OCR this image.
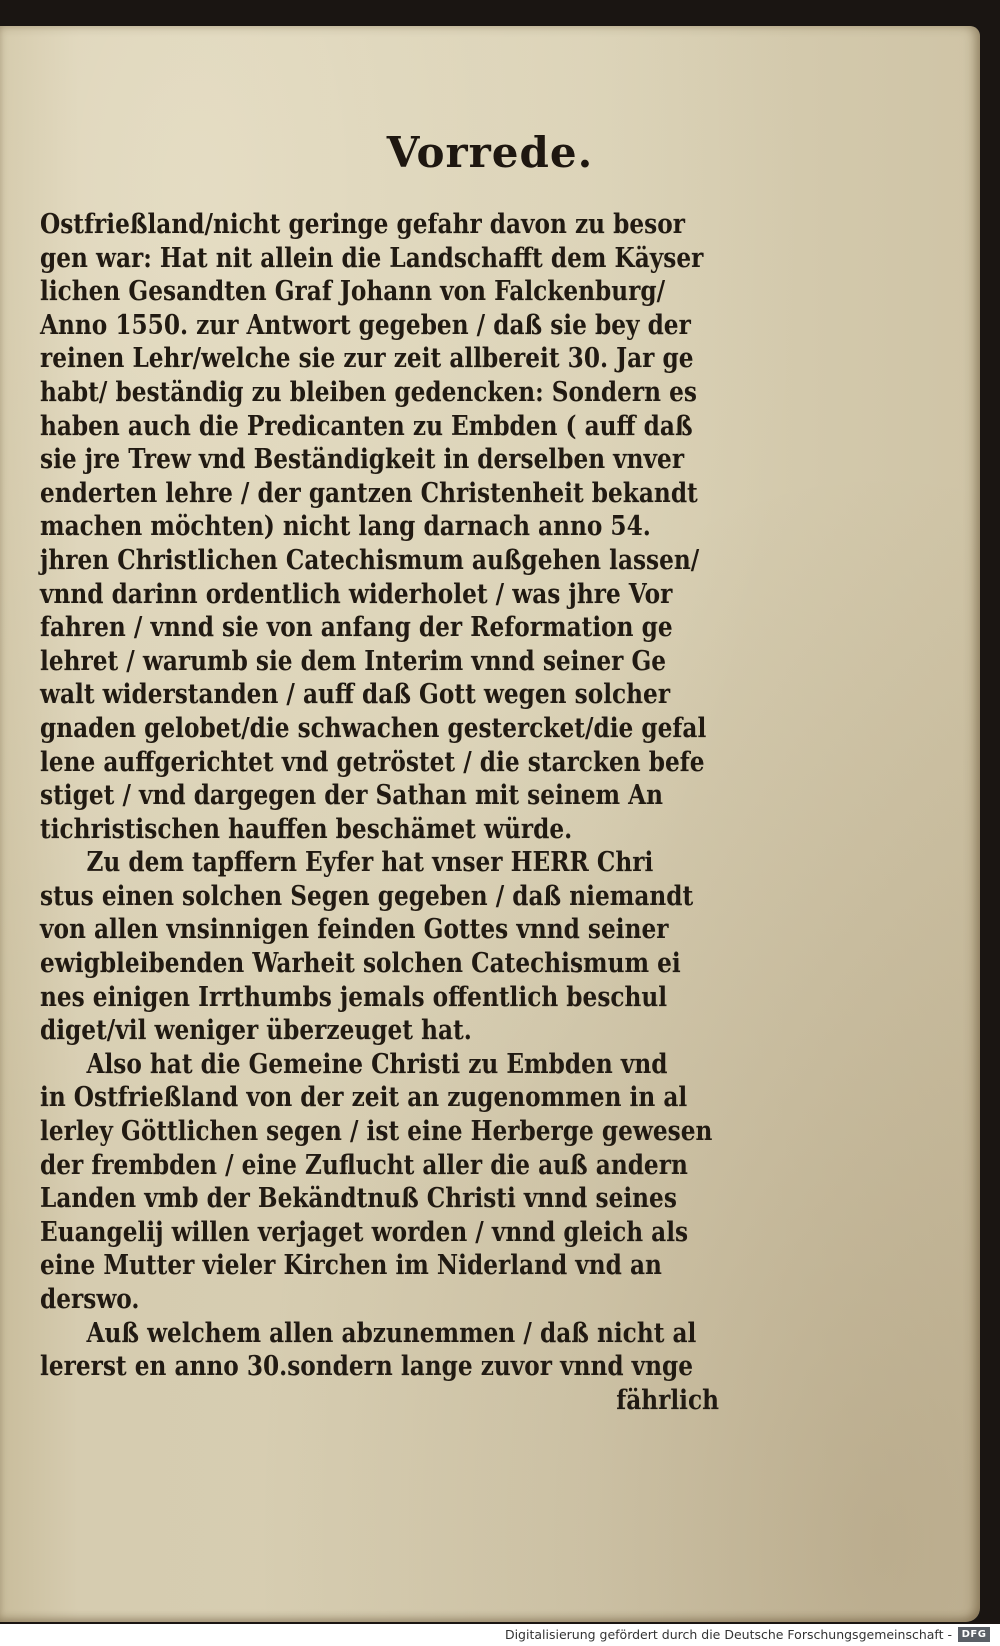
Vorrede.
Ostfrießland/nicht geringe gefahr davon zu besor
gen war: Hat nit allein die Landschafft dem Käyser
lichen Gesandten Graf Johann von Falckenburg/
Anno 1550. zur Antwort gegeben / daß sie bey der
reinen Lehr/welche sie zur zeit allbereit 30. Jar ge
habt/ beständig zu bleiben gedencken: Sondern es
haben auch die Predicanten zu Embden ( auff daß
sie jre Trew vnd Beständigkeit in derselben vnver
enderten lehre / der gantzen Christenheit bekandt
machen möchten) nicht lang darnach anno 54.
jhren Christlichen Catechismum außgehen lassen/
vnnd darinn ordentlich widerholet / was jhre Vor
fahren / vnnd sie von anfang der Reformation ge
lehret / warumb sie dem Interim vnnd seiner Ge
walt widerstanden / auff daß Gott wegen solcher
gnaden gelobet/die schwachen gestercket/die gefal
lene auffgerichtet vnd getröstet / die starcken befe
stiget / vnd dargegen der Sathan mit seinem An
tichristischen hauffen beschämet würde.
Zu dem tapffern Eyfer hat vnser HERR Chri
stus einen solchen Segen gegeben / daß niemandt
von allen vnsinnigen feinden Gottes vnnd seiner
ewigbleibenden Warheit solchen Catechismum ei
nes einigen Irrthumbs jemals offentlich beschul
diget/vil weniger überzeuget hat.
Also hat die Gemeine Christi zu Embden vnd
in Ostfrießland von der zeit an zugenommen in al
lerley Göttlichen segen / ist eine Herberge gewesen
der frembden / eine Zuflucht aller die auß andern
Landen vmb der Bekändtnuß Christi vnnd seines
Euangelij willen verjaget worden / vnnd gleich als
eine Mutter vieler Kirchen im Niderland vnd an
derswo.
Auß welchem allen abzunemmen / daß nicht al
lererst en anno 30.sondern lange zuvor vnnd vnge
fährlich
Digitalisierung gefördert durch die Deutsche Forschungsgemeinschaft - DFG
